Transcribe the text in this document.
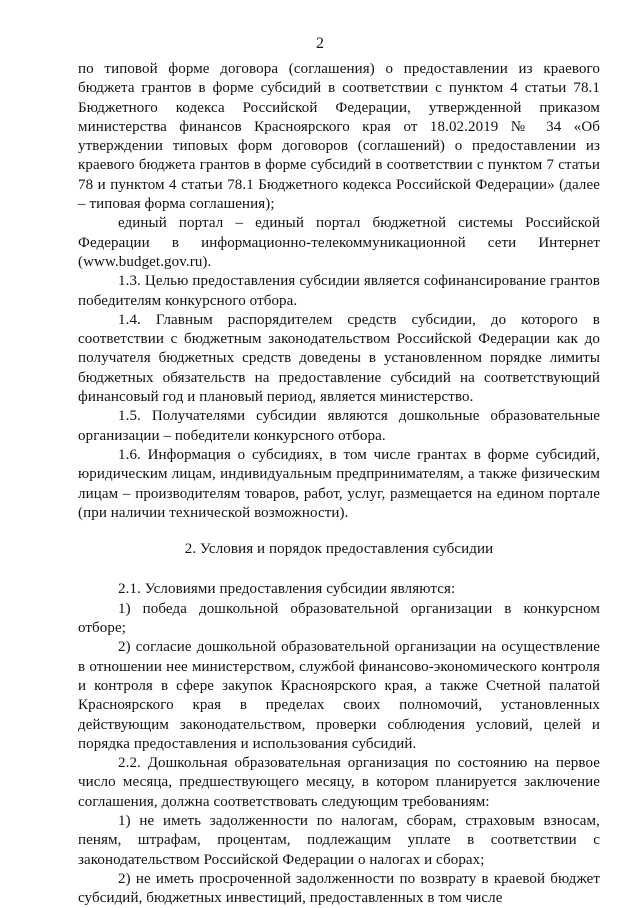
2

по типовой форме договора (соглашения) о предоставлении из краевого бюджета грантов в форме субсидий в соответствии с пунктом 4 статьи 78.1 Бюджетного кодекса Российской Федерации, утвержденной приказом министерства финансов Красноярского края от 18.02.2019 № 34 «Об утверждении типовых форм договоров (соглашений) о предоставлении из краевого бюджета грантов в форме субсидий в соответствии с пунктом 7 статьи 78 и пунктом 4 статьи 78.1 Бюджетного кодекса Российской Федерации» (далее – типовая форма соглашения);

единый портал – единый портал бюджетной системы Российской Федерации в информационно-телекоммуникационной сети Интернет (www.budget.gov.ru).

1.3. Целью предоставления субсидии является софинансирование грантов победителям конкурсного отбора.

1.4. Главным распорядителем средств субсидии, до которого в соответствии с бюджетным законодательством Российской Федерации как до получателя бюджетных средств доведены в установленном порядке лимиты бюджетных обязательств на предоставление субсидий на соответствующий финансовый год и плановый период, является министерство.

1.5. Получателями субсидии являются дошкольные образовательные организации – победители конкурсного отбора.

1.6. Информация о субсидиях, в том числе грантах в форме субсидий, юридическим лицам, индивидуальным предпринимателям, а также физическим лицам – производителям товаров, работ, услуг, размещается на едином портале (при наличии технической возможности).

2. Условия и порядок предоставления субсидии

2.1. Условиями предоставления субсидии являются:

1) победа дошкольной образовательной организации в конкурсном отборе;

2) согласие дошкольной образовательной организации на осуществление в отношении нее министерством, службой финансово-экономического контроля и контроля в сфере закупок Красноярского края, а также Счетной палатой Красноярского края в пределах своих полномочий, установленных действующим законодательством, проверки соблюдения условий, целей и порядка предоставления и использования субсидий.

2.2. Дошкольная образовательная организация по состоянию на первое число месяца, предшествующего месяцу, в котором планируется заключение соглашения, должна соответствовать следующим требованиям:

1) не иметь задолженности по налогам, сборам, страховым взносам, пеням, штрафам, процентам, подлежащим уплате в соответствии с законодательством Российской Федерации о налогах и сборах;

2) не иметь просроченной задолженности по возврату в краевой бюджет субсидий, бюджетных инвестиций, предоставленных в том числе
